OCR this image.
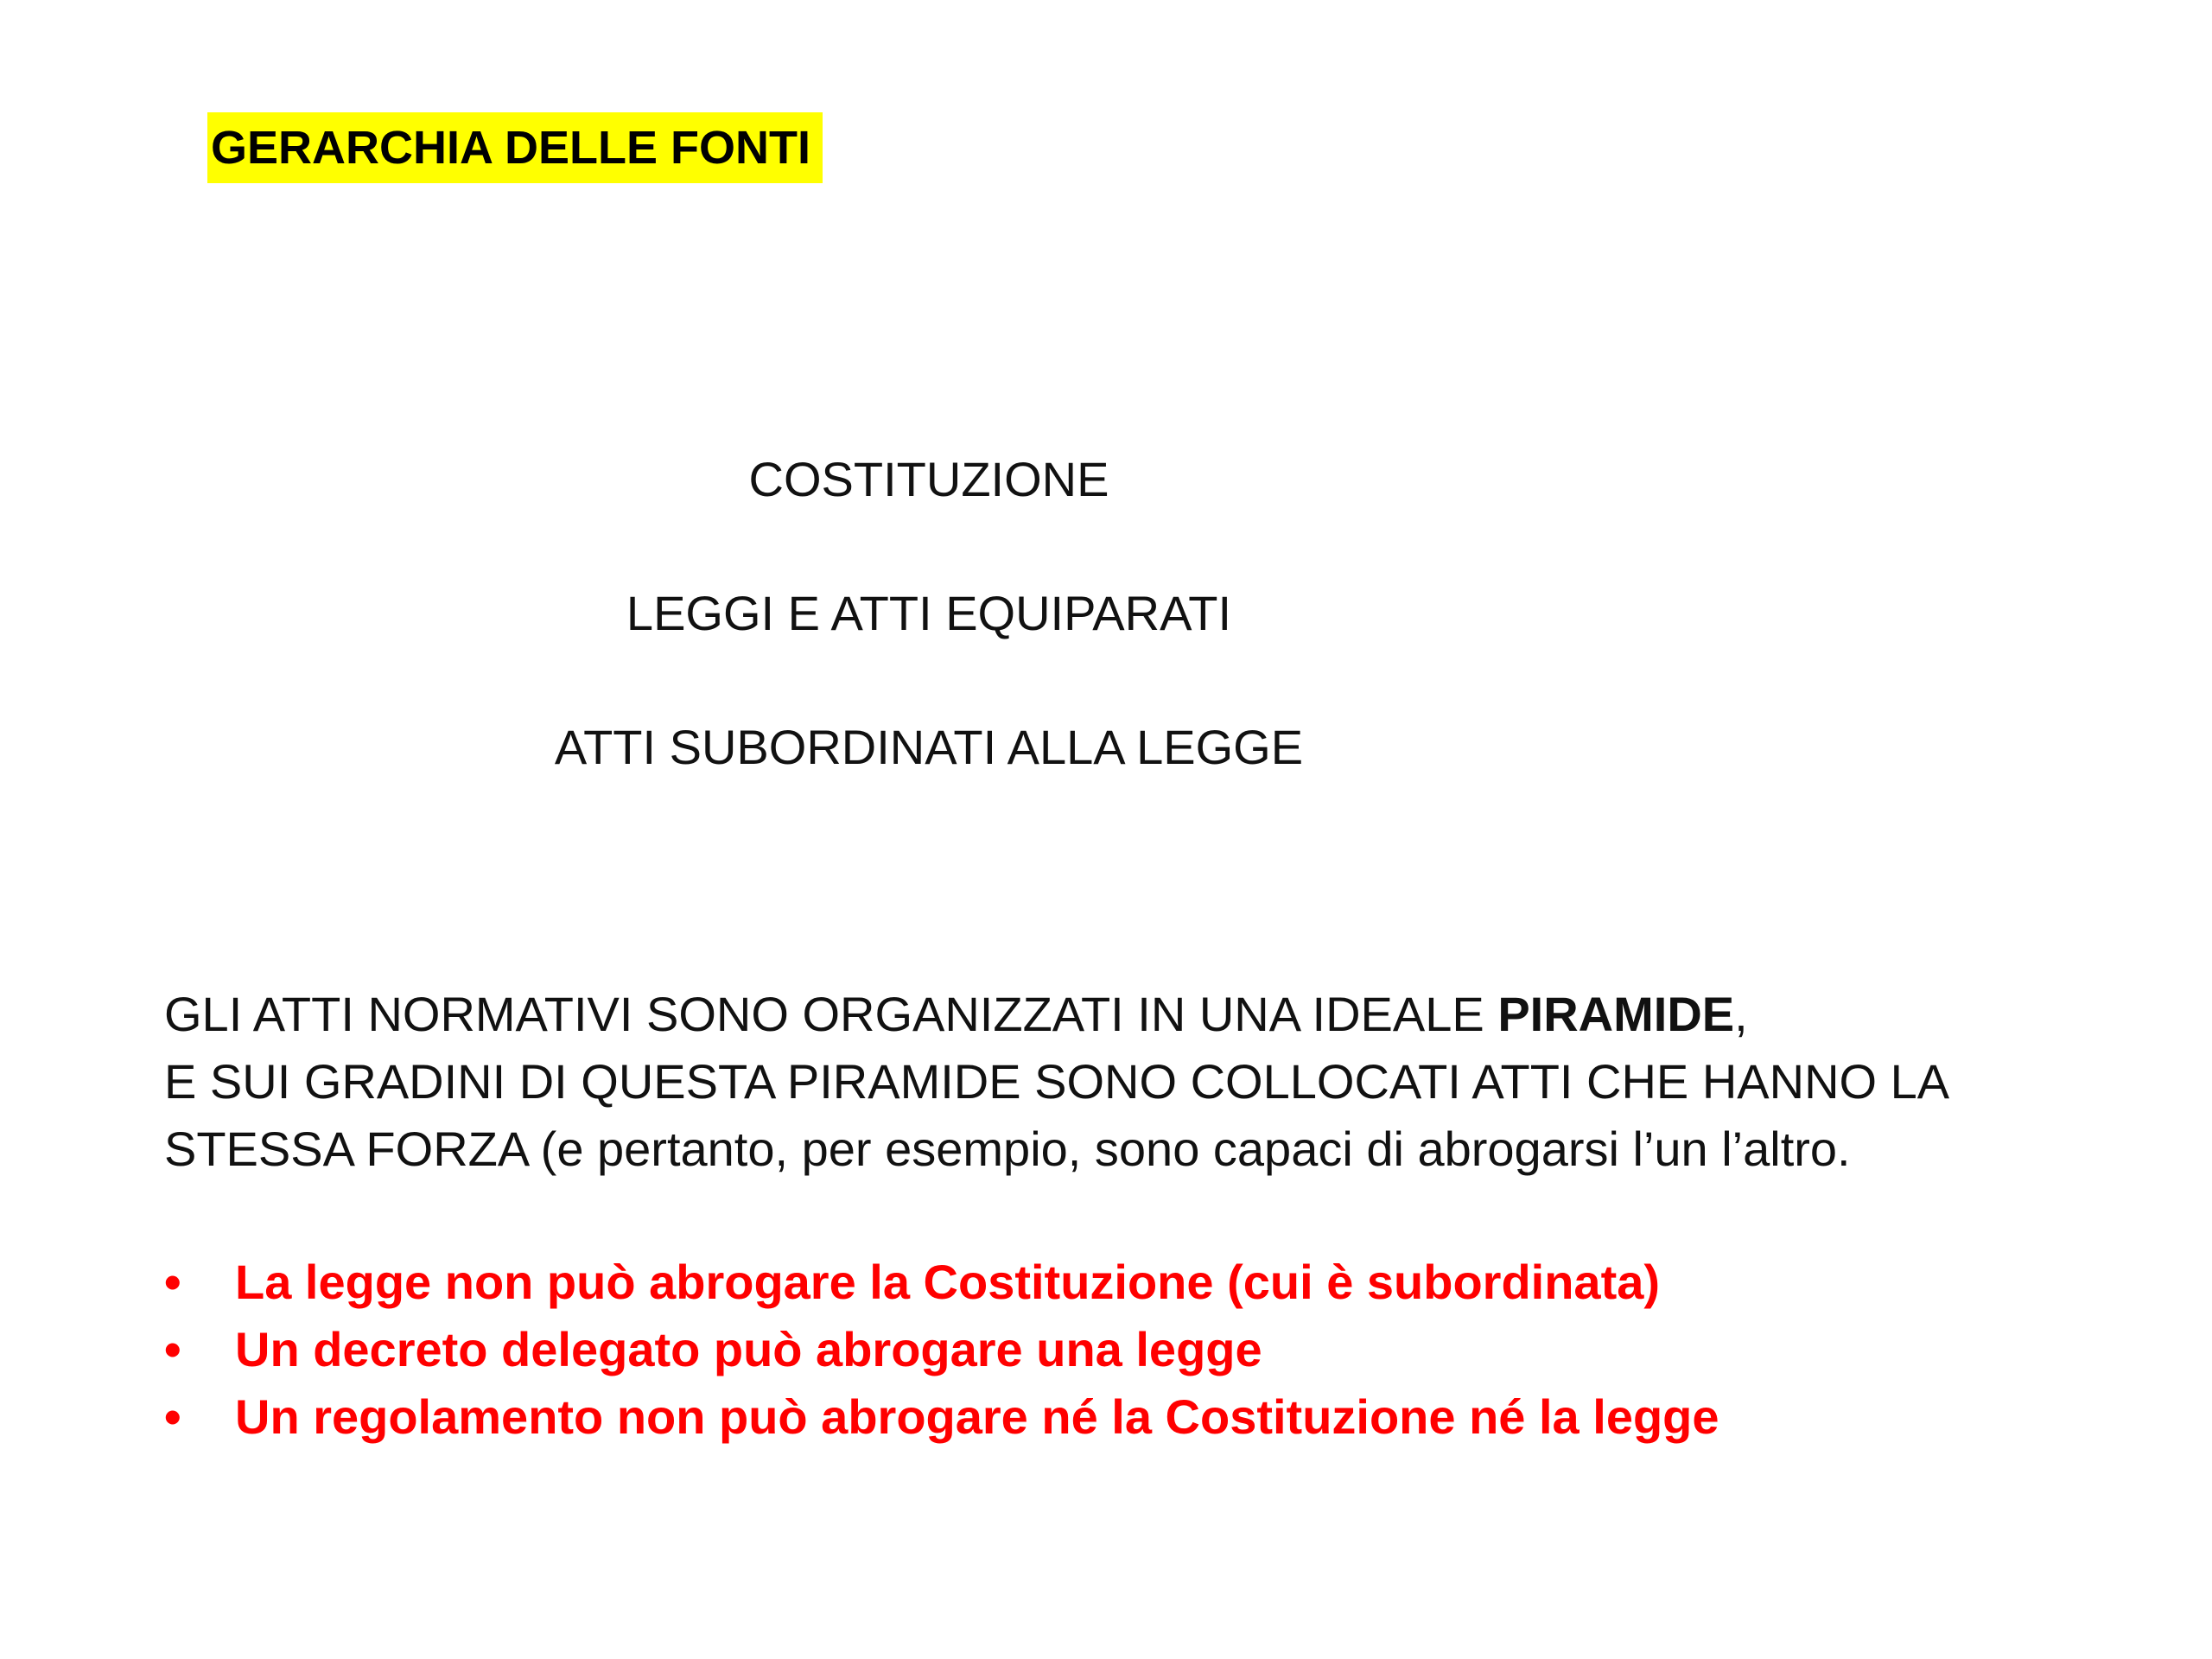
GERARCHIA DELLE FONTI
COSTITUZIONE
LEGGI E ATTI EQUIPARATI
ATTI SUBORDINATI ALLA LEGGE
GLI ATTI NORMATIVI SONO ORGANIZZATI IN UNA IDEALE PIRAMIDE,
E SUI GRADINI DI QUESTA PIRAMIDE SONO COLLOCATI ATTI CHE HANNO LA
STESSA FORZA (e pertanto, per esempio, sono capaci di abrogarsi l’un l’altro.
• La legge non può abrogare la Costituzione (cui è subordinata)
• Un decreto delegato può abrogare una legge
• Un regolamento non può abrogare né la Costituzione né la legge
